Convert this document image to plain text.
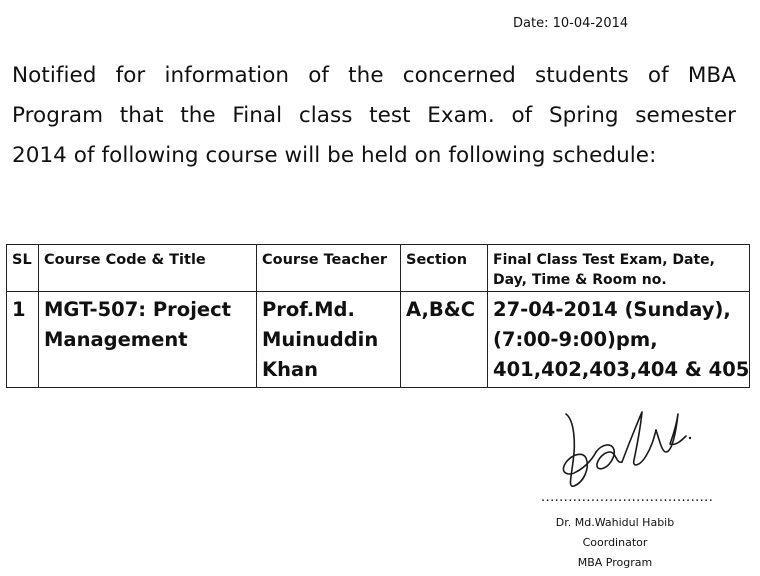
Date: 10-04-2014

Notified for information of the concerned students of MBA
Program that the Final class test Exam. of Spring semester
2014 of following course will be held on following schedule:

SL	Course Code & Title	Course Teacher	Section	Final Class Test Exam, Date,
Day, Time & Room no.

1	MGT-507: Project
Management	Prof.Md.
Muinuddin
Khan	A,B&C	27-04-2014 (Sunday),
(7:00-9:00)pm,
401,402,403,404 & 405
......................................
Dr. Md.Wahidul Habib
Coordinator
MBA Program
